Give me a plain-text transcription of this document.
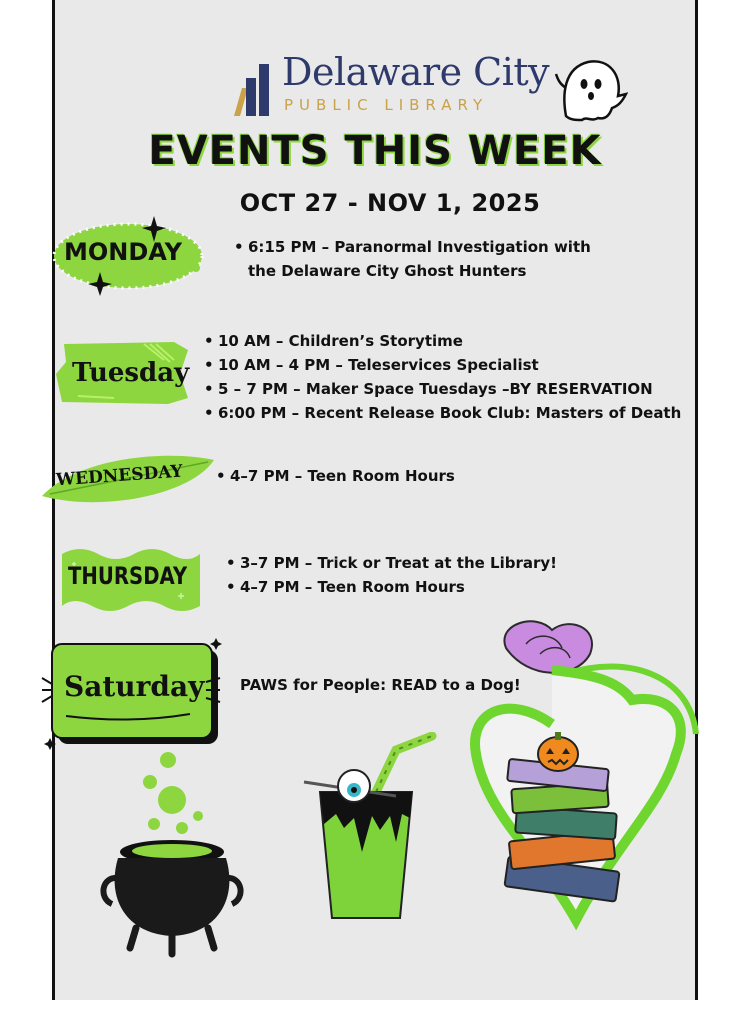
Delaware City
PUBLIC LIBRARY
EVENTS THIS WEEK
OCT 27 - NOV 1, 2025
MONDAY	• 6:15 PM – Paranormal Investigation with
the Delaware City Ghost Hunters
Tuesday
• 10 AM – Children’s Storytime
• 10 AM – 4 PM – Teleservices Specialist
• 5 – 7 PM – Maker Space Tuesdays –BY RESERVATION
• 6:00 PM – Recent Release Book Club: Masters of Death
WEDNESDAY	• 4–7 PM – Teen Room Hours
THURSDAY	• 3–7 PM – Trick or Treat at the Library!
• 4–7 PM – Teen Room Hours
Saturday PAWS for People: READ to a Dog!
